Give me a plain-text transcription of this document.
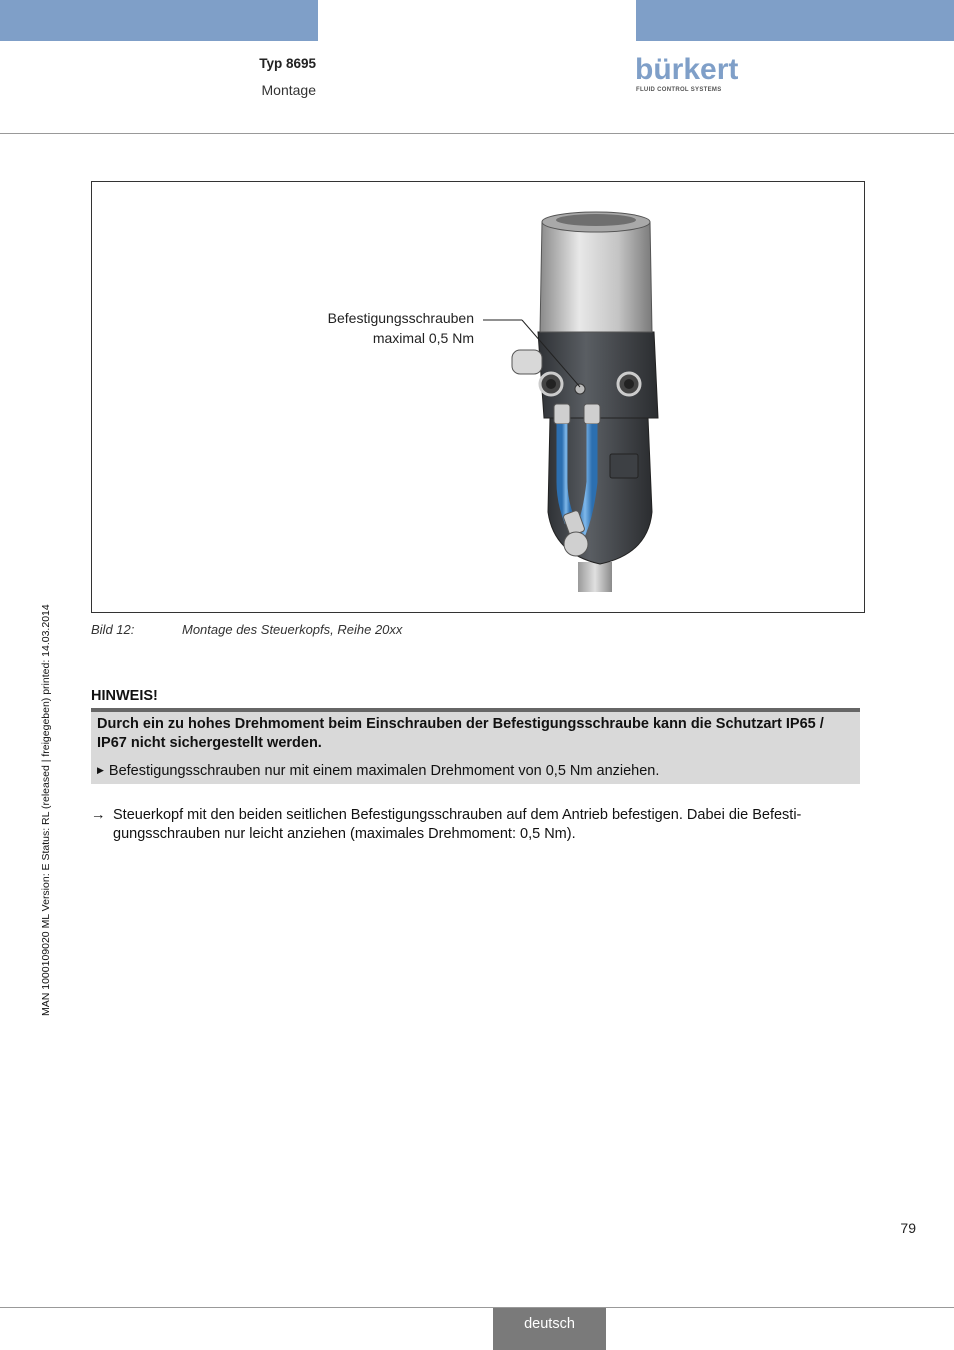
Typ 8695
Montage
bürkert
FLUID CONTROL SYSTEMS
MAN 1000109020 ML Version: E Status: RL (released | freigegeben) printed: 14.03.2014
Befestigungsschrauben
maximal 0,5 Nm
Bild 12:	Montage des Steuerkopfs, Reihe 20xx
HINWEIS!
Durch ein zu hohes Drehmoment beim Einschrauben der Befestigungsschraube kann die Schutzart IP65 / IP67 nicht sichergestellt werden.
▶ Befestigungsschrauben nur mit einem maximalen Drehmoment von 0,5 Nm anziehen.
→ Steuerkopf mit den beiden seitlichen Befestigungsschrauben auf dem Antrieb befestigen. Dabei die Befesti-gungsschrauben nur leicht anziehen (maximales Drehmoment: 0,5 Nm).
79
deutsch
